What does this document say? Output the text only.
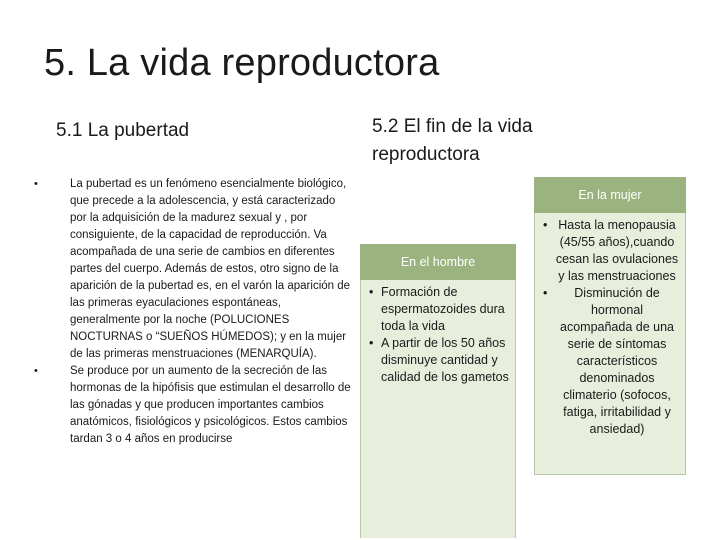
5. La vida reproductora
5.1 La pubertad	5.2 El fin de la vida reproductora
•	La pubertad es un fenómeno esencialmente biológico, que precede a la adolescencia, y está caracterizado por la adquisición de la madurez sexual y , por consiguiente, de la capacidad de reproducción. Va acompañada de una serie de cambios en diferentes partes del cuerpo. Además de estos, otro signo de la aparición de la pubertad es, en el varón la aparición de las primeras eyaculaciones espontáneas, generalmente por la noche (POLUCIONES NOCTURNAS o “SUEÑOS HÚMEDOS); y en la mujer de las primeras menstruaciones (MENARQUÍA).
•	Se produce por un aumento de la secreción de las hormonas de la hipófisis que estimulan el desarrollo de las gónadas y que producen importantes cambios anatómicos, fisiológicos y psicológicos. Estos cambios tardan 3 o 4 años en producirse
En el hombre
• Formación de espermatozoides dura toda la vida
• A partir de los 50 años disminuye cantidad y calidad de los gametos
En la mujer
• Hasta la menopausia (45/55 años),cuando cesan las ovulaciones y las menstruaciones
• Disminución de hormonal acompañada de una serie de síntomas característicos denominados climaterio (sofocos, fatiga, irritabilidad y ansiedad)
